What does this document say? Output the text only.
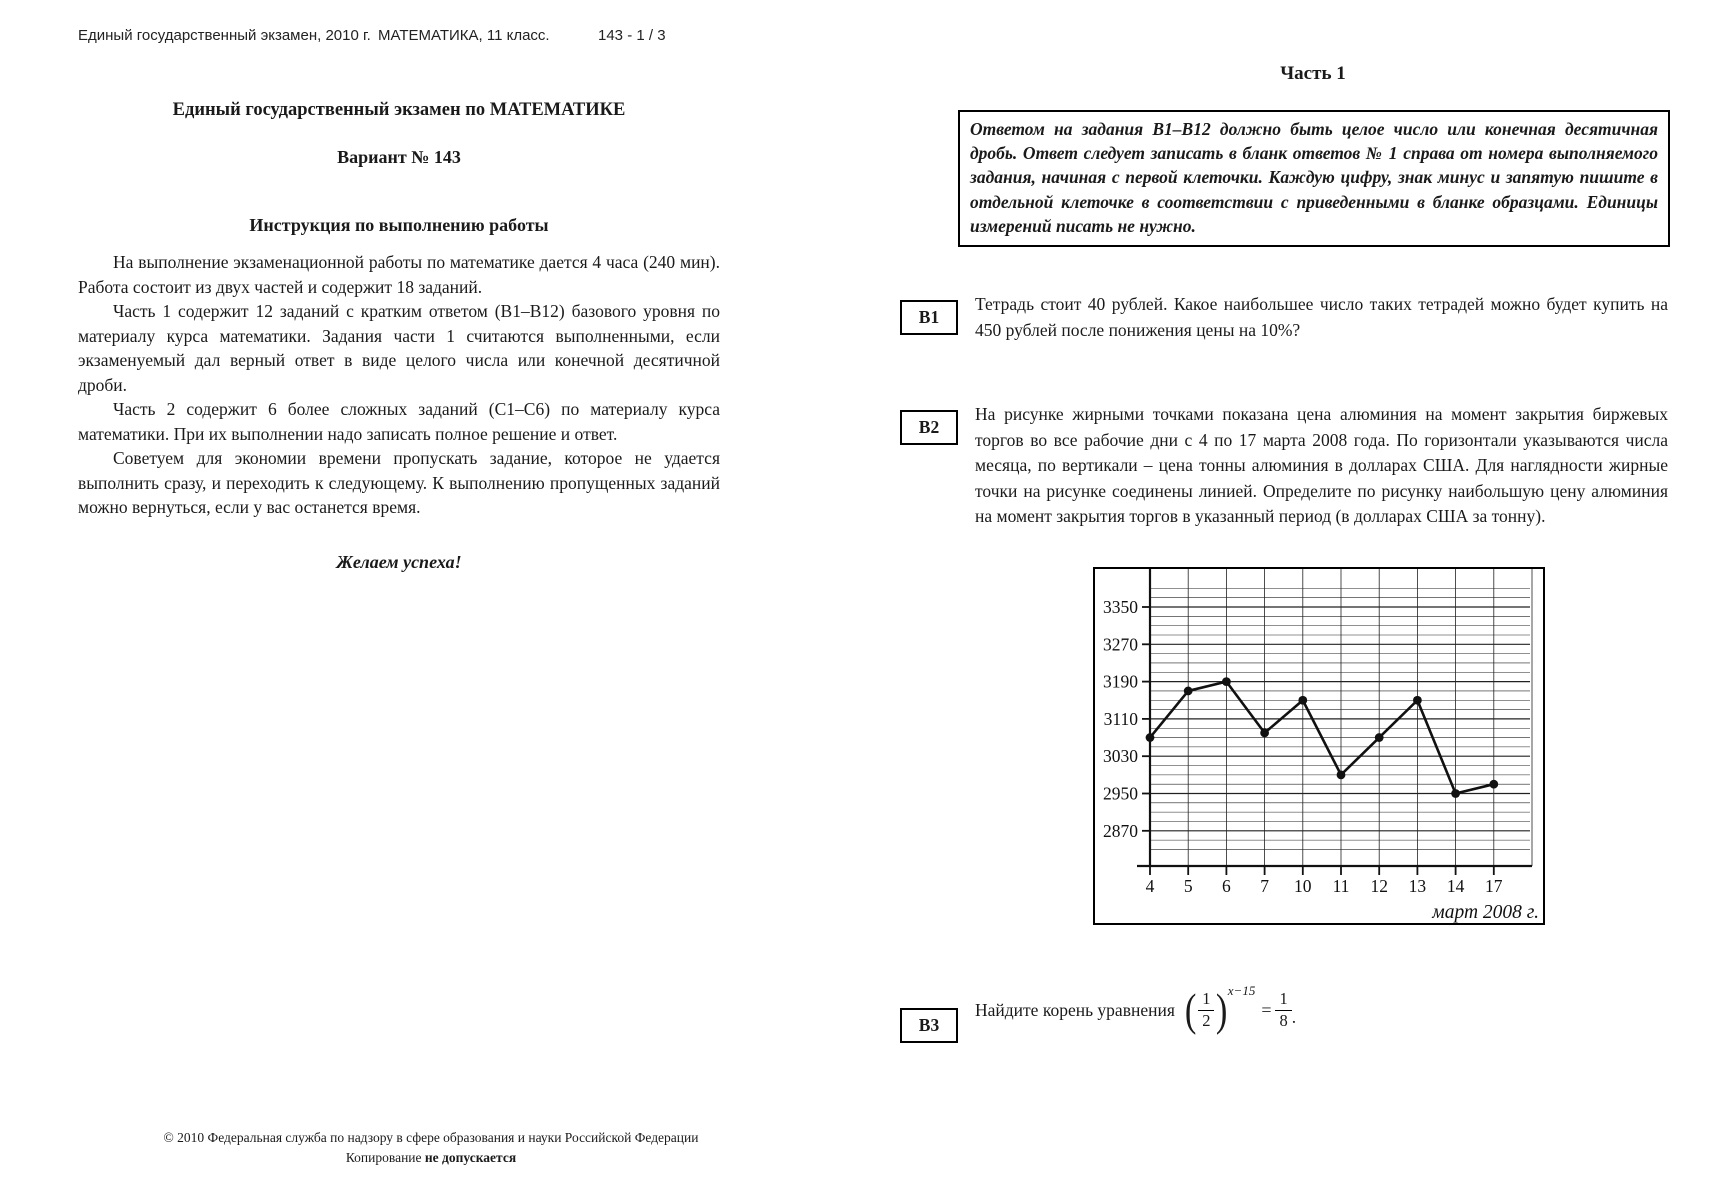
Единый государственный экзамен, 2010 г. МАТЕМАТИКА, 11 класс.	143 - 1 / 3
Единый государственный экзамен по МАТЕМАТИКЕ
Вариант № 143
Инструкция по выполнению работы

На выполнение экзаменационной работы по математике дается 4 часа (240 мин). Работа состоит из двух частей и содержит 18 заданий.

Часть 1 содержит 12 заданий с кратким ответом (В1–В12) базового уровня по материалу курса математики. Задания части 1 считаются выполненными, если экзаменуемый дал верный ответ в виде целого числа или конечной десятичной дроби.

Часть 2 содержит 6 более сложных заданий (С1–С6) по материалу курса математики. При их выполнении надо записать полное решение и ответ.

Советуем для экономии времени пропускать задание, которое не удается выполнить сразу, и переходить к следующему. К выполнению пропущенных заданий можно вернуться, если у вас останется время.

Желаем успеха!
Часть 1
Ответом на задания В1–В12 должно быть целое число или конечная десятичная дробь. Ответ следует записать в бланк ответов № 1 справа от номера выполняемого задания, начиная с первой клеточки. Каждую цифру, знак минус и запятую пишите в отдельной клеточке в соответствии с приведенными в бланке образцами. Единицы измерений писать не нужно.
В1
Тетрадь стоит 40 рублей. Какое наибольшее число таких тетрадей можно будет купить на 450 рублей после понижения цены на 10%?
В2
На рисунке жирными точками показана цена алюминия на момент закрытия биржевых торгов во все рабочие дни с 4 по 17 марта 2008 года. По горизонтали указываются числа месяца, по вертикали – цена тонны алюминия в долларах США. Для наглядности жирные точки на рисунке соединены линией. Определите по рисунку наибольшую цену алюминия на момент закрытия торгов в указанный период (в долларах США за тонну).
3350
3270
3190
3110
3030
2950
2870
4 5 6 7 10 11 12 13 14 17
март 2008 г.
В3
Найдите корень уравнения ( $\frac{1}{2}$ ) x−15
= $\frac{1}{8}$ .
© 2010 Федеральная служба по надзору в сфере образования и науки Российской Федерации
Копирование не допускается
